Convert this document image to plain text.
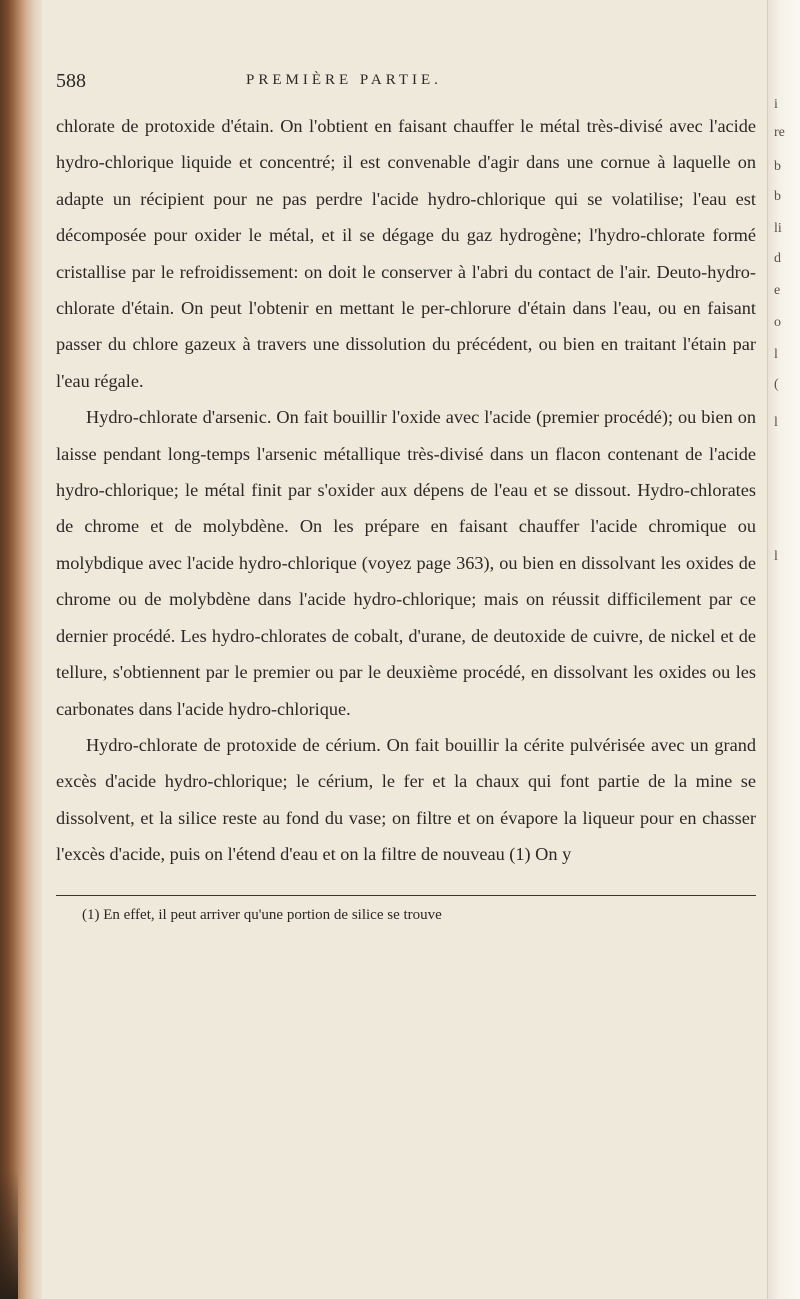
i
re
b
b
li
d
e
o
l
(
l
l
588	PREMIÈRE PARTIE.

chlorate de protoxide d'étain. On l'obtient en faisant chauffer le métal très-divisé avec l'acide hydro-chlorique liquide et concentré; il est convenable d'agir dans une cornue à laquelle on adapte un récipient pour ne pas perdre l'acide hydro-chlorique qui se volatilise; l'eau est décomposée pour oxider le métal, et il se dégage du gaz hydrogène; l'hydro-chlorate formé cristallise par le refroidissement: on doit le conserver à l'abri du contact de l'air. Deuto-hydro-chlorate d'étain. On peut l'obtenir en mettant le per-chlorure d'étain dans l'eau, ou en faisant passer du chlore gazeux à travers une dissolution du précédent, ou bien en traitant l'étain par l'eau régale.

Hydro-chlorate d'arsenic. On fait bouillir l'oxide avec l'acide (premier procédé); ou bien on laisse pendant long-temps l'arsenic métallique très-divisé dans un flacon contenant de l'acide hydro-chlorique; le métal finit par s'oxider aux dépens de l'eau et se dissout. Hydro-chlorates de chrome et de molybdène. On les prépare en faisant chauffer l'acide chromique ou molybdique avec l'acide hydro-chlorique (voyez page 363), ou bien en dissolvant les oxides de chrome ou de molybdène dans l'acide hydro-chlorique; mais on réussit difficilement par ce dernier procédé. Les hydro-chlorates de cobalt, d'urane, de deutoxide de cuivre, de nickel et de tellure, s'obtiennent par le premier ou par le deuxième procédé, en dissolvant les oxides ou les carbonates dans l'acide hydro-chlorique.

Hydro-chlorate de protoxide de cérium. On fait bouillir la cérite pulvérisée avec un grand excès d'acide hydro-chlorique; le cérium, le fer et la chaux qui font partie de la mine se dissolvent, et la silice reste au fond du vase; on filtre et on évapore la liqueur pour en chasser l'excès d'acide, puis on l'étend d'eau et on la filtre de nouveau (1) On y

(1) En effet, il peut arriver qu'une portion de silice se trouve
